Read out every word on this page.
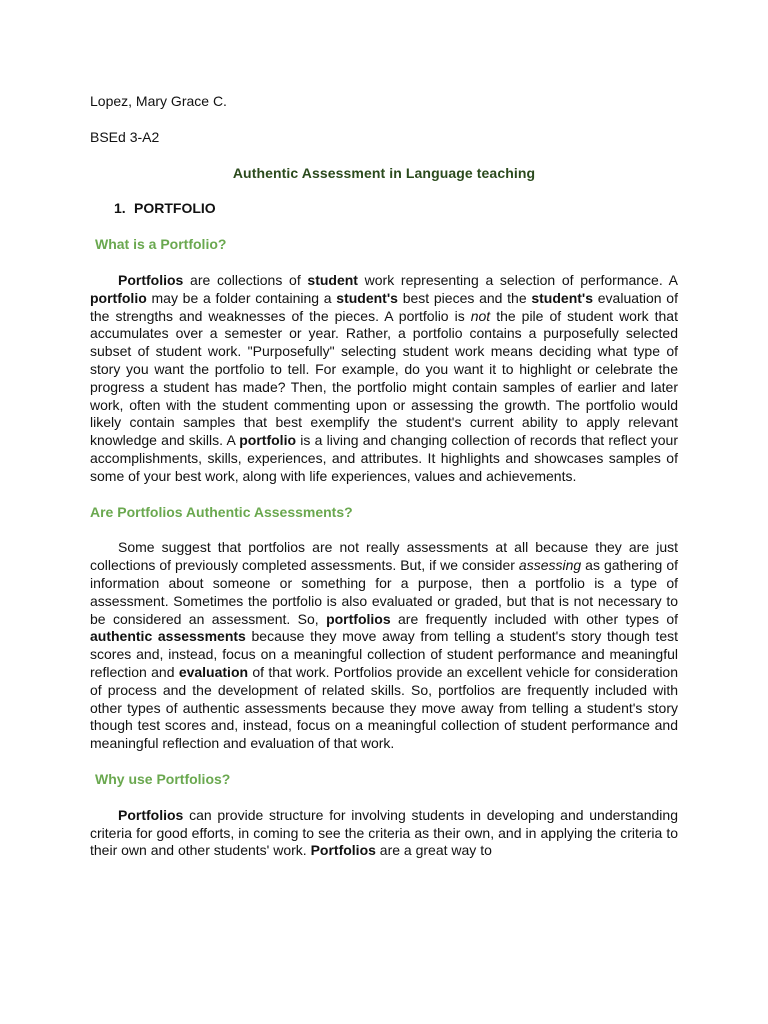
Lopez, Mary Grace C.

BSEd 3-A2

Authentic Assessment in Language teaching

1. PORTFOLIO

What is a Portfolio?

Portfolios are collections of student work representing a selection of performance. A portfolio may be a folder containing a student's best pieces and the student's evaluation of the strengths and weaknesses of the pieces. A portfolio is not the pile of student work that accumulates over a semester or year. Rather, a portfolio contains a purposefully selected subset of student work. "Purposefully" selecting student work means deciding what type of story you want the portfolio to tell. For example, do you want it to highlight or celebrate the progress a student has made? Then, the portfolio might contain samples of earlier and later work, often with the student commenting upon or assessing the growth. The portfolio would likely contain samples that best exemplify the student's current ability to apply relevant knowledge and skills. A portfolio is a living and changing collection of records that reflect your accomplishments, skills, experiences, and attributes. It highlights and showcases samples of some of your best work, along with life experiences, values and achievements.

Are Portfolios Authentic Assessments?

Some suggest that portfolios are not really assessments at all because they are just collections of previously completed assessments. But, if we consider assessing as gathering of information about someone or something for a purpose, then a portfolio is a type of assessment. Sometimes the portfolio is also evaluated or graded, but that is not necessary to be considered an assessment. So, portfolios are frequently included with other types of authentic assessments because they move away from telling a student's story though test scores and, instead, focus on a meaningful collection of student performance and meaningful reflection and evaluation of that work. Portfolios provide an excellent vehicle for consideration of process and the development of related skills. So, portfolios are frequently included with other types of authentic assessments because they move away from telling a student's story though test scores and, instead, focus on a meaningful collection of student performance and meaningful reflection and evaluation of that work.

Why use Portfolios?

Portfolios can provide structure for involving students in developing and understanding criteria for good efforts, in coming to see the criteria as their own, and in applying the criteria to their own and other students' work. Portfolios are a great way to
